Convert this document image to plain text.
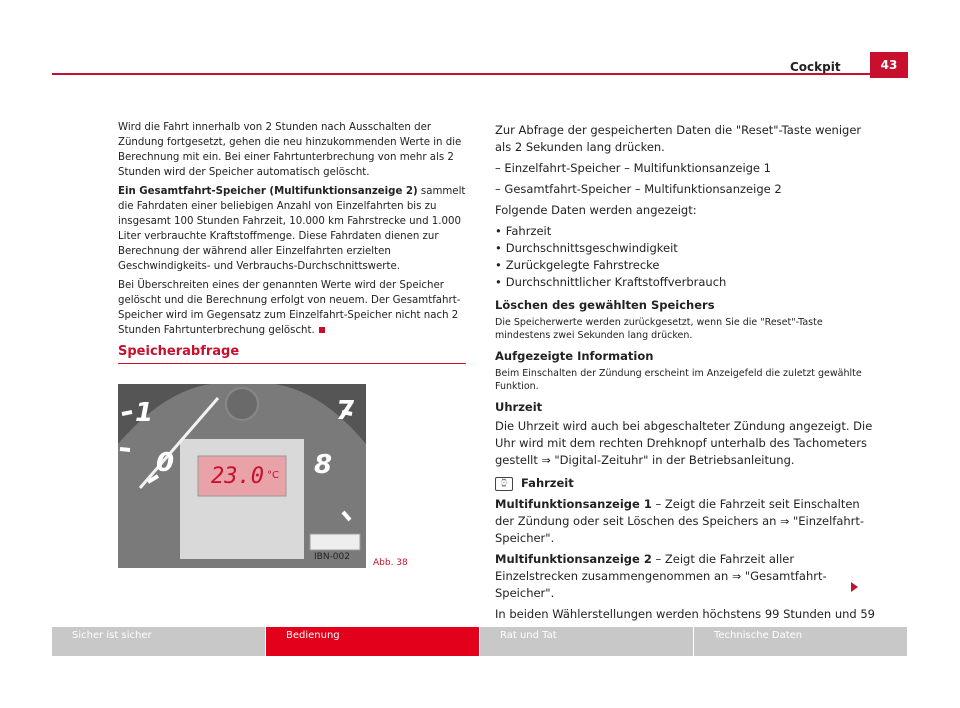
Cockpit	43

Wird die Fahrt innerhalb von 2 Stunden nach Ausschalten der Zündung fortgesetzt, gehen die neu hinzukommenden Werte in die Berechnung mit ein. Bei einer Fahrtunterbrechung von mehr als 2 Stunden wird der Speicher automatisch gelöscht.

Ein Gesamtfahrt-Speicher (Multifunktionsanzeige 2) sammelt die Fahrdaten einer beliebigen Anzahl von Einzelfahrten bis zu insgesamt 100 Stunden Fahrzeit, 10.000 km Fahrstrecke und 1.000 Liter verbrauchte Kraftstoffmenge. Diese Fahrdaten dienen zur Berechnung der während aller Einzelfahrten erzielten Geschwindigkeits- und Verbrauchs-Durchschnittswerte.

Bei Überschreiten eines der genannten Werte wird der Speicher gelöscht und die Berechnung erfolgt von neuem. Der Gesamtfahrt-Speicher wird im Gegensatz zum Einzelfahrt-Speicher nicht nach 2 Stunden Fahrtunterbrechung gelöscht.

Speicherabfrage
1	7
0	8
23.0 °C
IBN-002
Abb. 38

Zur Abfrage der gespeicherten Daten die "Reset"-Taste weniger als 2 Sekunden lang drücken.

– Einzelfahrt-Speicher – Multifunktionsanzeige 1

– Gesamtfahrt-Speicher – Multifunktionsanzeige 2

Folgende Daten werden angezeigt:

• Fahrzeit
• Durchschnittsgeschwindigkeit
• Zurückgelegte Fahrstrecke
• Durchschnittlicher Kraftstoffverbrauch
Löschen des gewählten Speichers

Die Speicherwerte werden zurückgesetzt, wenn Sie die "Reset"-Taste mindestens zwei Sekunden lang drücken.

Aufgezeigte Information

Beim Einschalten der Zündung erscheint im Anzeigefeld die zuletzt gewählte Funktion.

Uhrzeit

Die Uhrzeit wird auch bei abgeschalteter Zündung angezeigt. Die Uhr wird mit dem rechten Drehknopf unterhalb des Tachometers gestellt ⇒ "Digital-Zeituhr" in der Betriebsanleitung.

⌚	Fahrzeit

Multifunktionsanzeige 1 – Zeigt die Fahrzeit seit Einschalten der Zündung oder seit Löschen des Speichers an ⇒ "Einzelfahrt-Speicher".

Multifunktionsanzeige 2 – Zeigt die Fahrzeit aller Einzelstrecken zusammengenommen an ⇒ "Gesamtfahrt-Speicher".

In beiden Wählerstellungen werden höchstens 99 Stunden und 59

Sicher ist sicher	Bedienung	Rat und Tat	Technische Daten
